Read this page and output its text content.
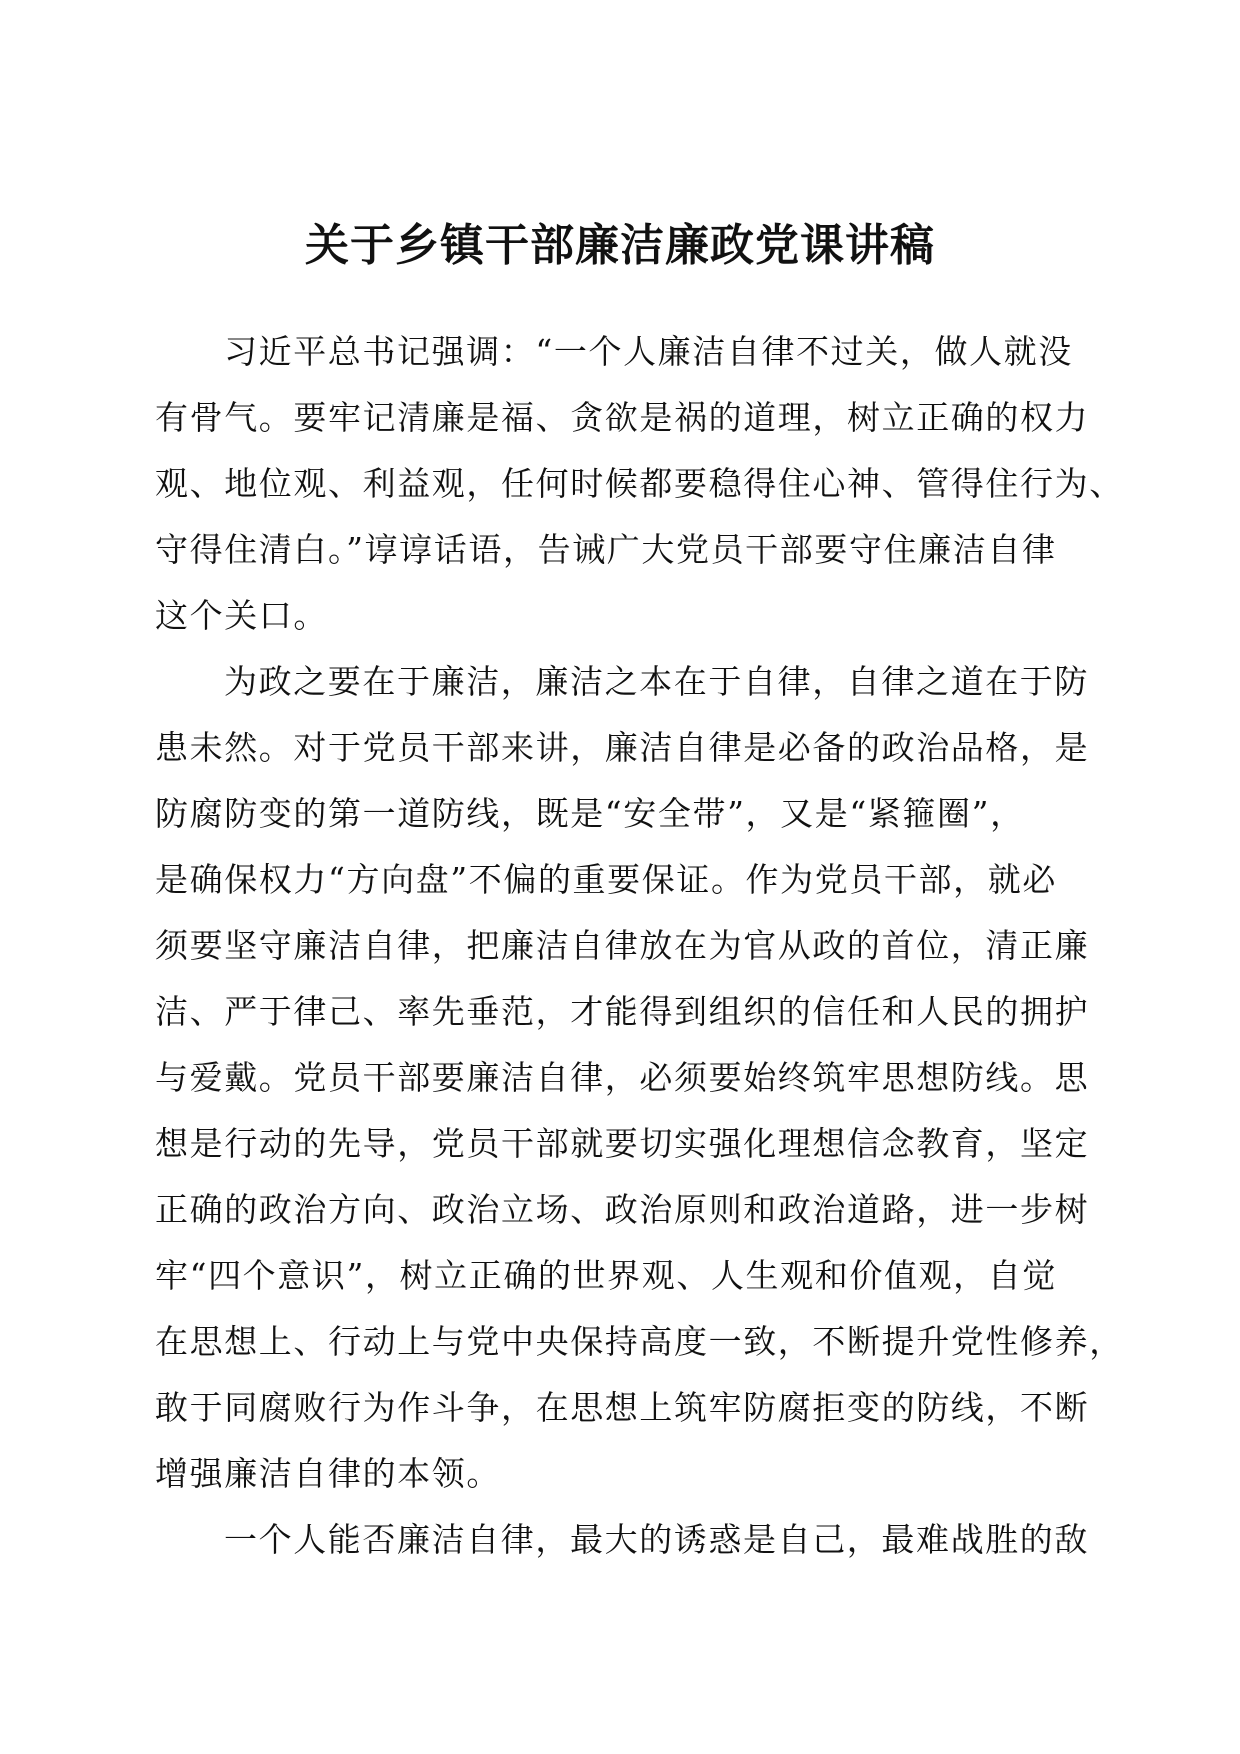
关于乡镇干部廉洁廉政党课讲稿
习近平总书记强调：“一个人廉洁自律不过关，做人就没
有骨气。要牢记清廉是福、贪欲是祸的道理，树立正确的权力
观、地位观、利益观，任何时候都要稳得住心神、管得住行为、
守得住清白。”谆谆话语，告诫广大党员干部要守住廉洁自律
这个关口。
为政之要在于廉洁，廉洁之本在于自律，自律之道在于防
患未然。对于党员干部来讲，廉洁自律是必备的政治品格，是
防腐防变的第一道防线，既是“安全带”，又是“紧箍圈”，
是确保权力“方向盘”不偏的重要保证。作为党员干部，就必
须要坚守廉洁自律，把廉洁自律放在为官从政的首位，清正廉
洁、严于律己、率先垂范，才能得到组织的信任和人民的拥护
与爱戴。党员干部要廉洁自律，必须要始终筑牢思想防线。思
想是行动的先导，党员干部就要切实强化理想信念教育，坚定
正确的政治方向、政治立场、政治原则和政治道路，进一步树
牢“四个意识”，树立正确的世界观、人生观和价值观，自觉
在思想上、行动上与党中央保持高度一致，不断提升党性修养，
敢于同腐败行为作斗争，在思想上筑牢防腐拒变的防线，不断
增强廉洁自律的本领。
一个人能否廉洁自律，最大的诱惑是自己，最难战胜的敌
